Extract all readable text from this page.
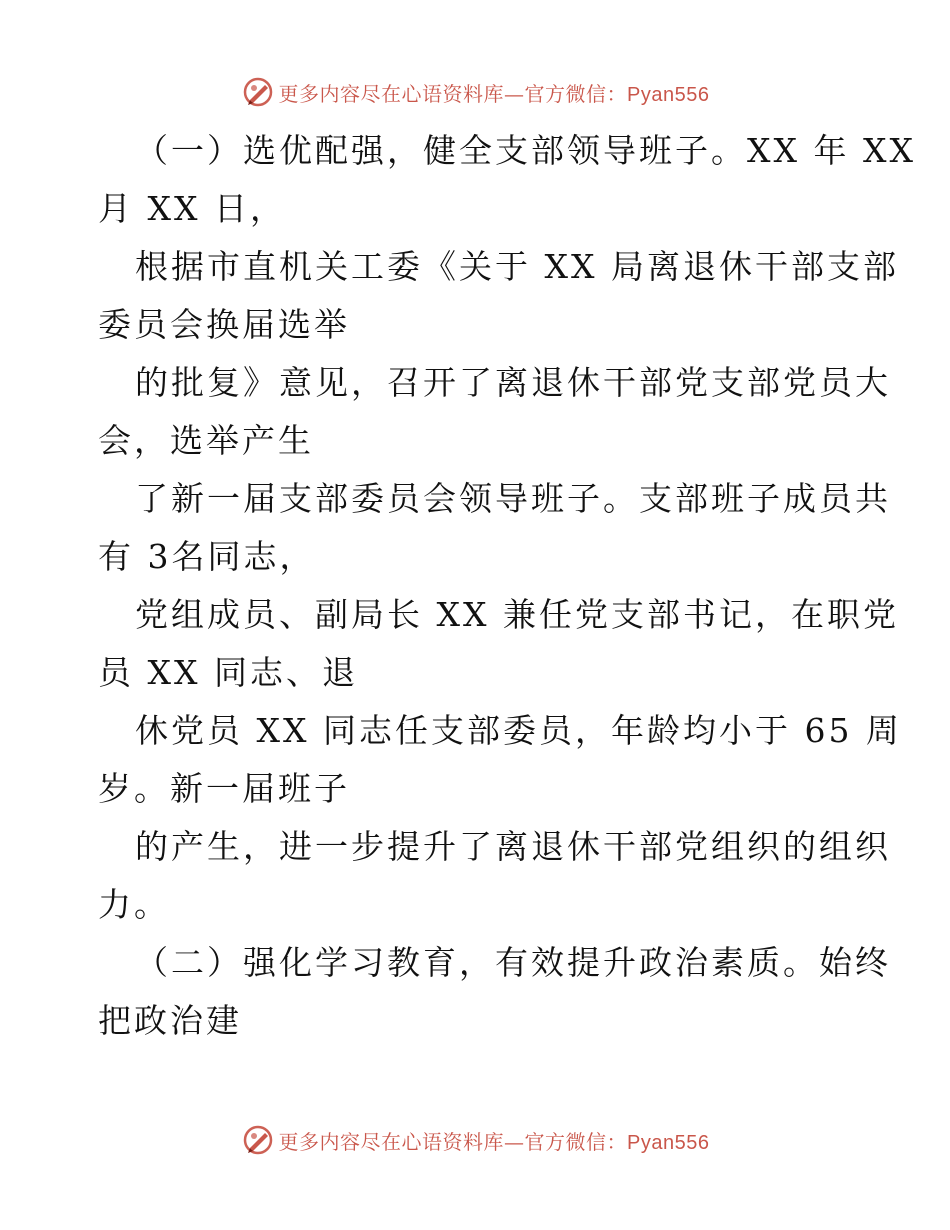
更多内容尽在心语资料库—官方微信：Pyan556
（一）选优配强，健全支部领导班子。XX 年 XX
月 XX 日，
根据市直机关工委《关于 XX 局离退休干部支部
委员会换届选举
的批复》意见，召开了离退休干部党支部党员大
会，选举产生
了新一届支部委员会领导班子。支部班子成员共
有 3名同志，
党组成员、副局长 XX 兼任党支部书记，在职党
员 XX 同志、退
休党员 XX 同志任支部委员，年龄均小于 65 周
岁。新一届班子
的产生，进一步提升了离退休干部党组织的组织
力。
（二）强化学习教育，有效提升政治素质。始终
把政治建
更多内容尽在心语资料库—官方微信：Pyan556
